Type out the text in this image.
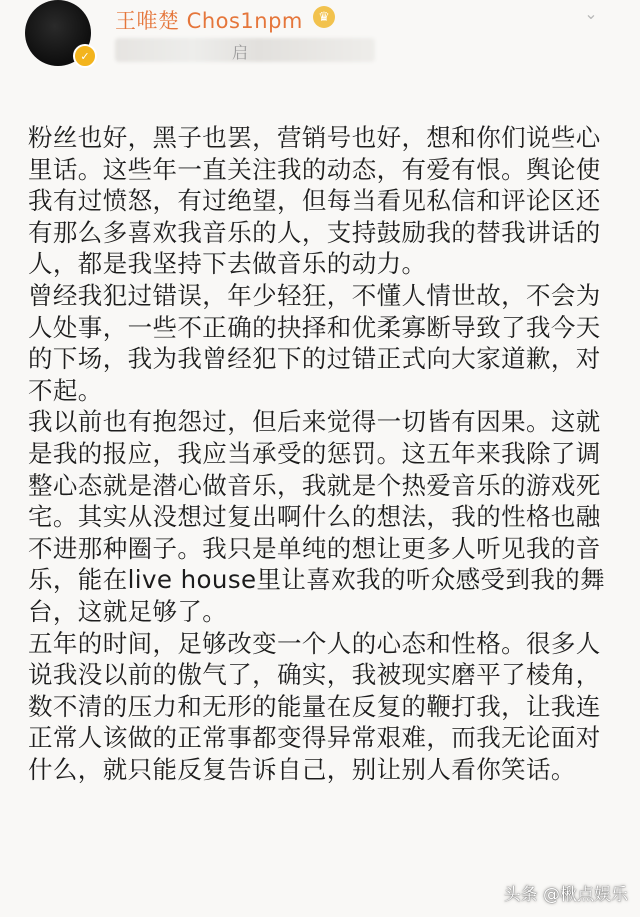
✓
王唯楚 Chos1npm	♛	⌄
启

粉丝也好，黑子也罢，营销号也好，想和你们说些心里话。这些年一直关注我的动态，有爱有恨。舆论使我有过愤怒，有过绝望，但每当看见私信和评论区还有那么多喜欢我音乐的人，支持鼓励我的替我讲话的人，都是我坚持下去做音乐的动力。

曾经我犯过错误，年少轻狂，不懂人情世故，不会为人处事，一些不正确的抉择和优柔寡断导致了我今天的下场，我为我曾经犯下的过错正式向大家道歉，对不起。

我以前也有抱怨过，但后来觉得一切皆有因果。这就是我的报应，我应当承受的惩罚。这五年来我除了调整心态就是潜心做音乐，我就是个热爱音乐的游戏死宅。其实从没想过复出啊什么的想法，我的性格也融不进那种圈子。我只是单纯的想让更多人听见我的音乐，能在live house里让喜欢我的听众感受到我的舞台，这就足够了。

五年的时间，足够改变一个人的心态和性格。很多人说我没以前的傲气了，确实，我被现实磨平了棱角，数不清的压力和无形的能量在反复的鞭打我，让我连正常人该做的正常事都变得异常艰难，而我无论面对什么，就只能反复告诉自己，别让别人看你笑话。

头条 @楸点娱乐
